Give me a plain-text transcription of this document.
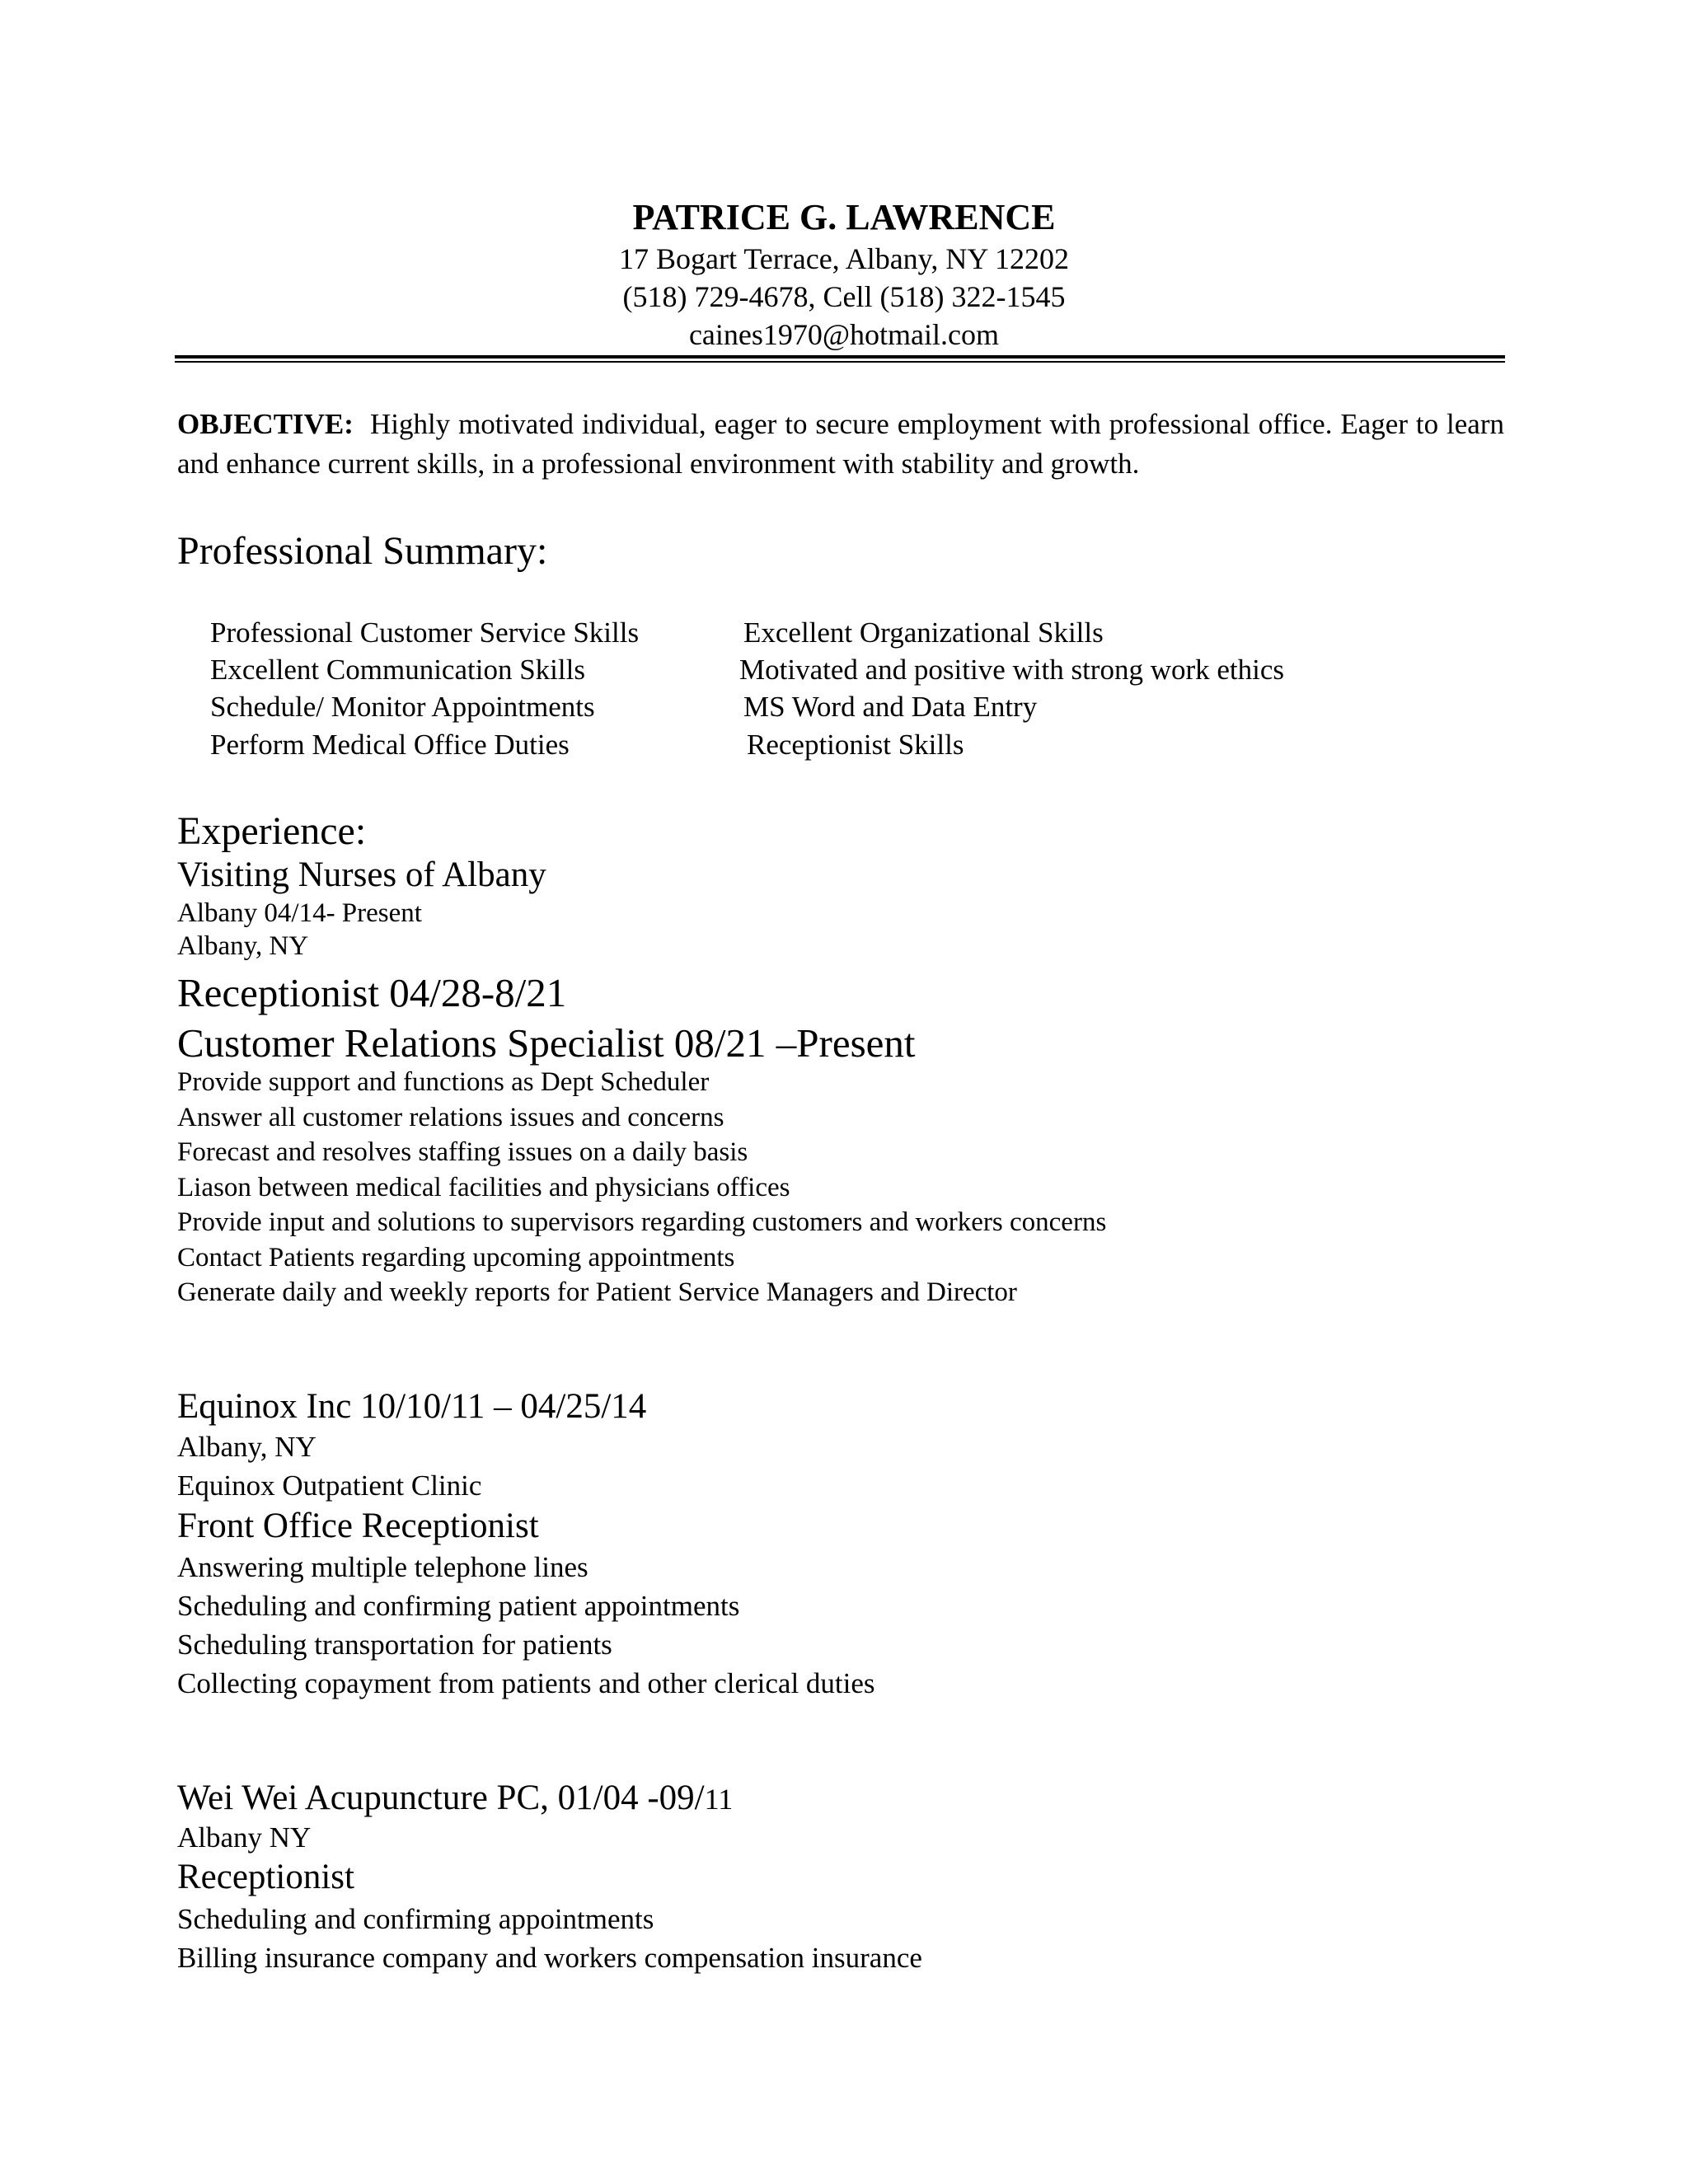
PATRICE G. LAWRENCE
17 Bogart Terrace, Albany, NY 12202
(518) 729-4678, Cell (518) 322-1545
caines1970@hotmail.com
OBJECTIVE: Highly motivated individual, eager to secure employment with professional office. Eager to learn and enhance current skills, in a professional environment with stability and growth.
Professional Summary:
Professional Customer Service Skills
Excellent Communication Skills
Schedule/ Monitor Appointments
Perform Medical Office Duties
Excellent Organizational Skills
Motivated and positive with strong work ethics
MS Word and Data Entry
Receptionist Skills
Experience:
Visiting Nurses of Albany
Albany 04/14- Present
Albany, NY
Receptionist 04/28-8/21
Customer Relations Specialist 08/21 –Present
Provide support and functions as Dept Scheduler
Answer all customer relations issues and concerns
Forecast and resolves staffing issues on a daily basis
Liason between medical facilities and physicians offices
Provide input and solutions to supervisors regarding customers and workers concerns
Contact Patients regarding upcoming appointments
Generate daily and weekly reports for Patient Service Managers and Director
Equinox Inc 10/10/11 – 04/25/14
Albany, NY
Equinox Outpatient Clinic
Front Office Receptionist
Answering multiple telephone lines
Scheduling and confirming patient appointments
Scheduling transportation for patients
Collecting copayment from patients and other clerical duties
Wei Wei Acupuncture PC, 01/04 -09/11
Albany NY
Receptionist
Scheduling and confirming appointments
Billing insurance company and workers compensation insurance
